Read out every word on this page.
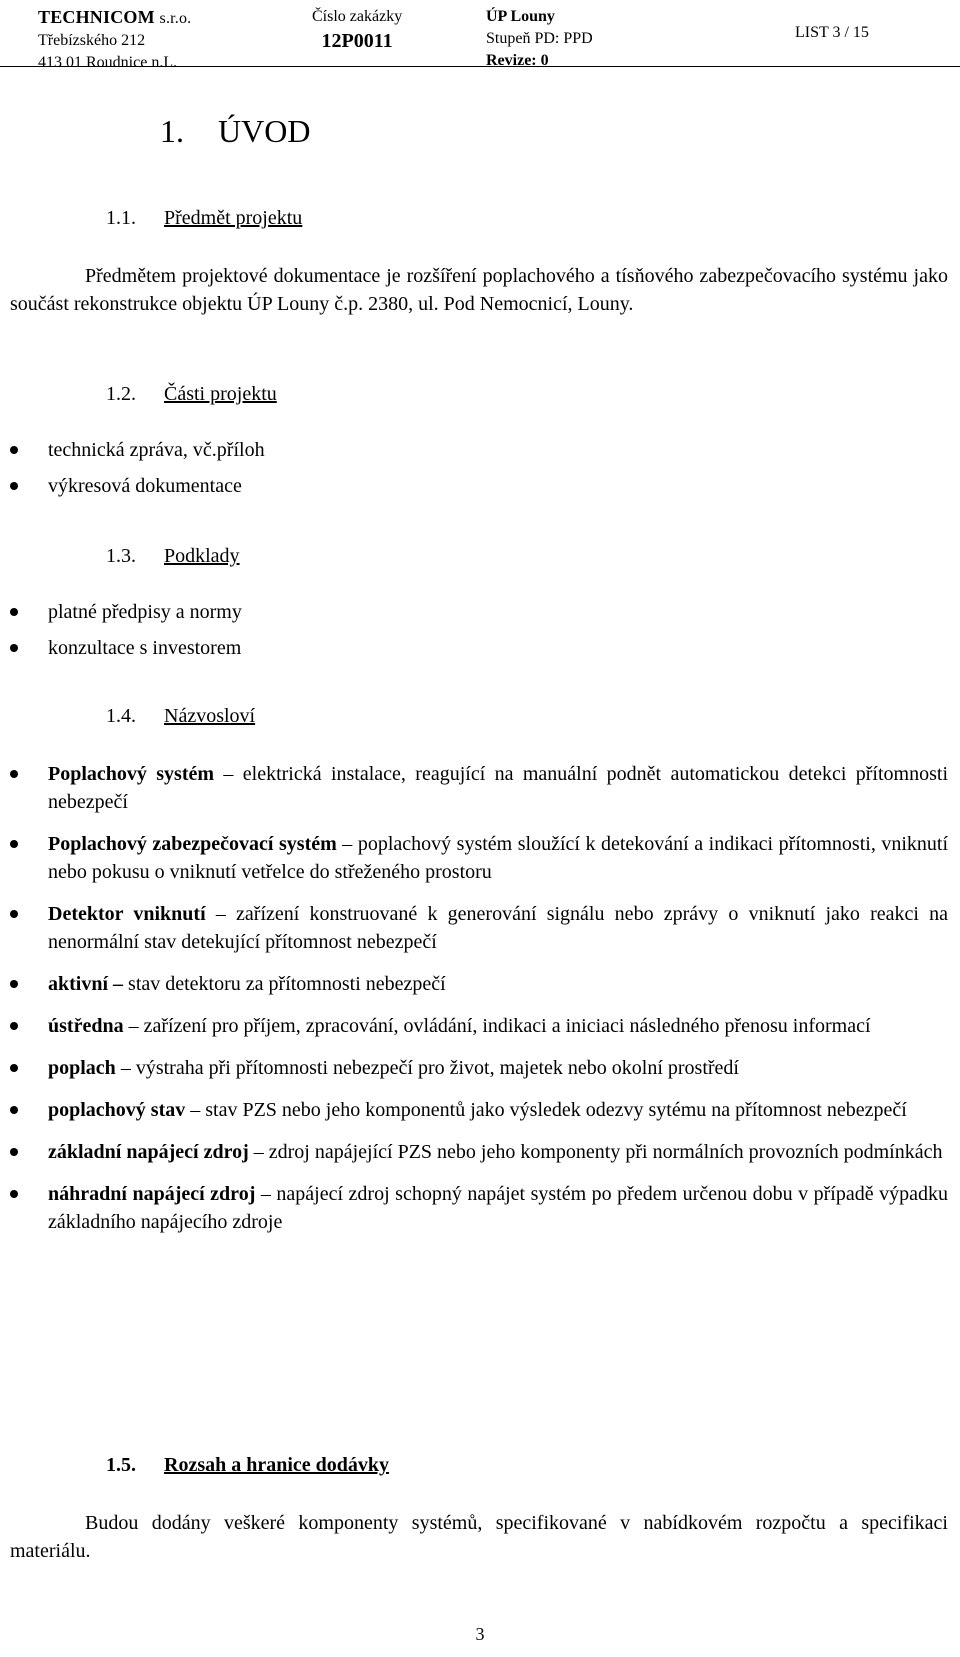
TECHNICOM s.r.o.
Třebízského 212
413 01 Roudnice n.L.
Číslo zakázky
12P0011
ÚP Louny
Stupeň PD: PPD
Revize: 0
LIST 3 / 15
1. ÚVOD
1.1. Předmět projektu

Předmětem projektové dokumentace je rozšíření poplachového a tísňového zabezpečovacího systému jako součást rekonstrukce objektu ÚP Louny č.p. 2380, ul. Pod Nemocnicí, Louny.

1.2. Části projektu
technická zpráva, vč.příloh
výkresová dokumentace
1.3. Podklady
platné předpisy a normy
konzultace s investorem
1.4. Názvosloví
Poplachový systém – elektrická instalace, reagující na manuální podnět automatickou detekci přítomnosti nebezpečí
Poplachový zabezpečovací systém – poplachový systém sloužící k detekování a indikaci přítomnosti, vniknutí nebo pokusu o vniknutí vetřelce do střeženého prostoru
Detektor vniknutí – zařízení konstruované k generování signálu nebo zprávy o vniknutí jako reakci na nenormální stav detekující přítomnost nebezpečí
aktivní – stav detektoru za přítomnosti nebezpečí
ústředna – zařízení pro příjem, zpracování, ovládání, indikaci a iniciaci následného přenosu informací
poplach – výstraha při přítomnosti nebezpečí pro život, majetek nebo okolní prostředí
poplachový stav – stav PZS nebo jeho komponentů jako výsledek odezvy sytému na přítomnost nebezpečí
základní napájecí zdroj – zdroj napájející PZS nebo jeho komponenty při normálních provozních podmínkách
náhradní napájecí zdroj – napájecí zdroj schopný napájet systém po předem určenou dobu v případě výpadku základního napájecího zdroje
1.5. Rozsah a hranice dodávky

Budou dodány veškeré komponenty systémů, specifikované v nabídkovém rozpočtu a specifikaci materiálu.

3
